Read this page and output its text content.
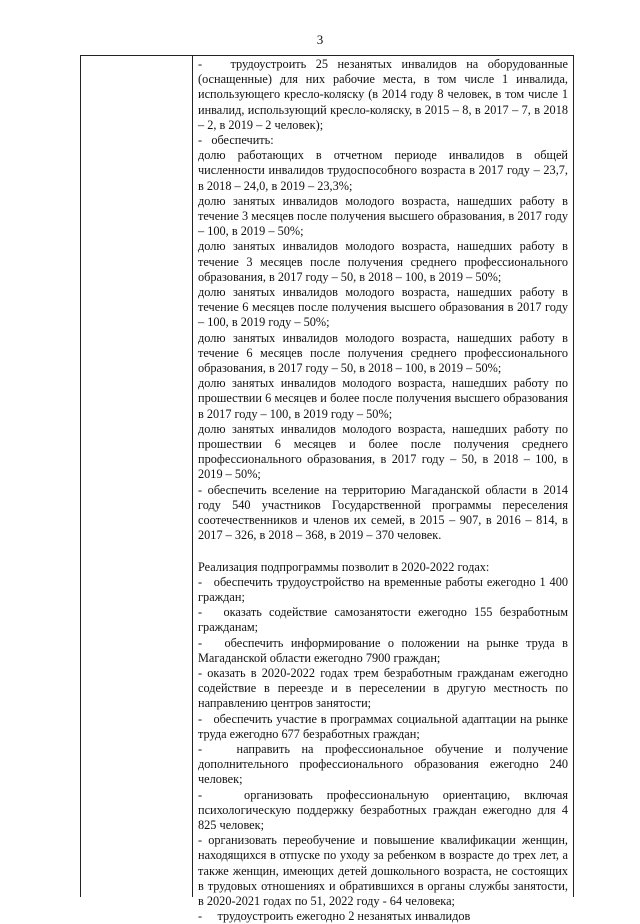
3

-   трудоустроить 25 незанятых инвалидов на оборудованные (оснащенные) для них рабочие места, в том числе 1 инвалида, использующего кресло-коляску (в 2014 году 8 человек, в том числе 1 инвалид, использующий кресло-коляску, в 2015 – 8, в 2017 – 7, в 2018 – 2, в 2019 – 2 человек);

-   обеспечить:

долю работающих в отчетном периоде инвалидов в общей численности инвалидов трудоспособного возраста в 2017 году – 23,7, в 2018 – 24,0, в 2019 – 23,3%;

долю занятых инвалидов молодого возраста, нашедших работу в течение 3 месяцев после получения высшего образования, в 2017 году – 100, в 2019 – 50%;

долю занятых инвалидов молодого возраста, нашедших работу в течение 3 месяцев после получения среднего профессионального образования, в 2017 году – 50, в 2018 – 100, в 2019 – 50%;

долю занятых инвалидов молодого возраста, нашедших работу в течение 6 месяцев после получения высшего образования в 2017 году – 100, в 2019 году – 50%;

долю занятых инвалидов молодого возраста, нашедших работу в течение 6 месяцев после получения среднего профессионального образования, в 2017 году – 50, в 2018 – 100, в 2019 – 50%;

долю занятых инвалидов молодого возраста, нашедших работу по прошествии 6 месяцев и более после получения высшего образования в 2017 году – 100, в 2019 году – 50%;

долю занятых инвалидов молодого возраста, нашедших работу по прошествии 6 месяцев и более после получения среднего профессионального образования, в 2017 году – 50, в 2018 – 100, в 2019 – 50%;

- обеспечить вселение на территорию Магаданской области в 2014 году 540 участников Государственной программы переселения соотечественников и членов их семей, в 2015 – 907, в 2016 – 814, в 2017 – 326, в 2018 – 368, в 2019 – 370 человек.

Реализация подпрограммы позволит в 2020-2022 годах:

-   обеспечить трудоустройство на временные работы ежегодно 1 400 граждан;

-   оказать содействие самозанятости ежегодно 155 безработным гражданам;

-   обеспечить информирование о положении на рынке труда в Магаданской области ежегодно 7900 граждан;

- оказать в 2020-2022 годах трем безработным гражданам ежегодно содействие в переезде и в переселении в другую местность по направлению центров занятости;

-   обеспечить участие в программах социальной адаптации на рынке труда ежегодно 677 безработных граждан;

-   направить на профессиональное обучение и получение дополнительного профессионального образования ежегодно 240 человек;

-   организовать профессиональную ориентацию, включая психологическую поддержку безработных граждан ежегодно для 4 825 человек;

- организовать переобучение и повышение квалификации женщин, находящихся в отпуске по уходу за ребенком в возрасте до трех лет, а также женщин, имеющих детей дошкольного возраста, не состоящих в трудовых отношениях и обратившихся в органы службы занятости, в 2020-2021 годах по 51, 2022 году - 64 человека;

-     трудоустроить ежегодно 2 незанятых инвалидов
